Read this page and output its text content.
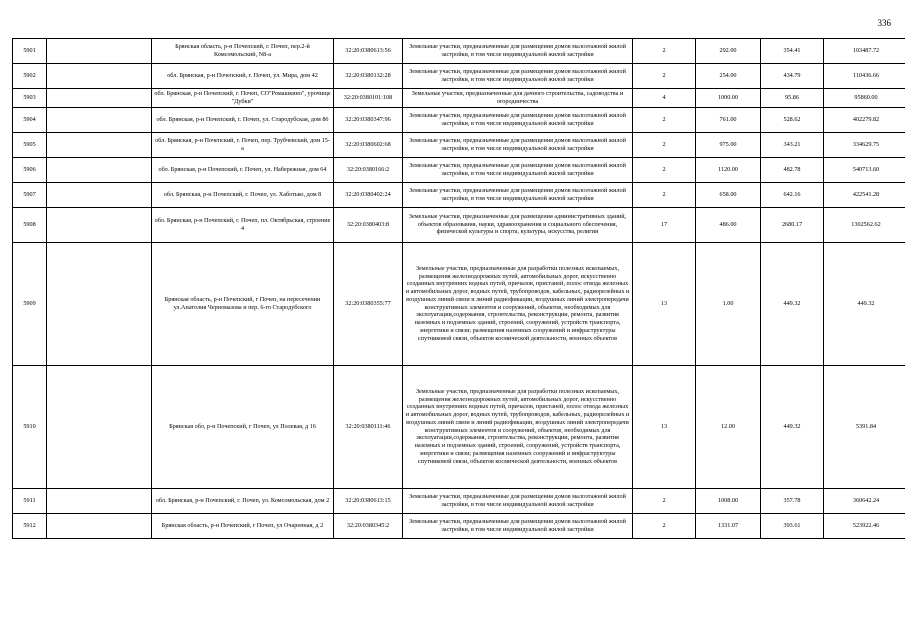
336
5901		Брянская область, р-н Почепский, г. Почеп, пер.2-й Комсомольский, N8-а	32:20:0380613:56	Земельные участки, предназначенные для размещения домов малоэтажной жилой застройки, в том числе индивидуальной жилой застройки	2	292.00	354.41	103487.72
5902		обл. Брянская, р-н Почепский, г. Почеп, ул. Мира, дом 42	32:20:0380132:28	Земельные участки, предназначенные для размещения домов малоэтажной жилой застройки, в том числе индивидуальной жилой застройки	2	254.00	434.79	110436.66
5903		обл. Брянская, р-н Почепский, г. Почеп, СО"Ромашкино", урочище "Дубки"	32:20:0380101:108	Земельные участки, предназначенные для дачного строительства, садоводства и огородничества	4	1000.00	95.86	95860.00
5904		обл. Брянская, р-н Почепский, г. Почеп, ул. Стародубская, дом 86	32:20:0380347:96	Земельные участки, предназначенные для размещения домов малоэтажной жилой застройки, в том числе индивидуальной жилой застройки	2	761.00	528.62	402279.82
5905		обл. Брянская, р-н Почепский, г. Почеп, пер. Трубчевский, дом 15-а	32:20:0380602:68	Земельные участки, предназначенные для размещения домов малоэтажной жилой застройки, в том числе индивидуальной жилой застройки	2	975.00	343.21	334629.75
5906		обл. Брянская, р-н Почепский, г. Почеп, ул. Набережная, дом 64	32:20:0380166:2	Земельные участки, предназначенные для размещения домов малоэтажной жилой застройки, в том числе индивидуальной жилой застройки	2	1120.00	482.78	540713.60
5907		обл. Брянская, р-н Почепский, г. Почеп, ул. Хаботько, дом 8	32:20:0380402:24	Земельные участки, предназначенные для размещения домов малоэтажной жилой застройки, в том числе индивидуальной жилой застройки	2	658.00	642.16	422541.28
5908		обл. Брянская, р-н Почепский, г. Почеп, пл. Октябрьская, строение 4	32:20:0380403:8	Земельные участки, предназначенные для размещения административных зданий, объектов образования, науки, здравоохранения и социального обеспечения, физической культуры и спорта, культуры, искусства, религии	17	486.00	2680.17	1302562.62
5909		Брянская область, р-н Почепский, г Почеп, на пересечении ул.Анатолия Черномазова и пер. 6-го Стародубского	32:20:0380355:77	Земельные участки, предназначенные для разработки полезных ископаемых, размещения железнодорожных путей, автомобильных дорог, искусственно созданных внутренних водных путей, причалов, пристаней, полос отвода железных и автомобильных дорог, водных путей, трубопроводов, кабельных, радиорелейных и воздушных линий связи и линий радиофикации, воздушных линий электропередачи конструктивных элементов и сооружений, объектов, необходимых для эксплуатации,содержания, строительства, реконструкции, ремонта, развития наземных и подземных зданий, строений, сооружений, устройств транспорта, энергетики и связи; размещения наземных сооружений и инфраструктуры спутниковой связи, объектов космической деятельности, военных объектов	13	1.00	449.32	449.32
5910		Брянская обл, р-н Почепский, г Почеп, ул Полевая, д 16	32:20:0380111:46	Земельные участки, предназначенные для разработки полезных ископаемых, размещения железнодорожных путей, автомобильных дорог, искусственно созданных внутренних водных путей, причалов, пристаней, полос отвода железных и автомобильных дорог, водных путей, трубопроводов, кабельных, радиорелейных и воздушных линий связи и линий радиофикации, воздушных линий электропередачи конструктивных элементов и сооружений, объектов, необходимых для эксплуатации,содержания, строительства, реконструкции, ремонта, развития наземных и подземных зданий, строений, сооружений, устройств транспорта, энергетики и связи; размещения наземных сооружений и инфраструктуры спутниковой связи, объектов космической деятельности, военных объектов	13	12.00	449.32	5391.84
5911		обл. Брянская, р-н Почепский, г. Почеп, ул. Комсомольская, дом 2	32:20:0380613:15	Земельные участки, предназначенные для размещения домов малоэтажной жилой застройки, в том числе индивидуальной жилой застройки	2	1008.00	357.78	360642.24
5912		Брянская область, р-н Почепский, г Почеп, ул Очаренная, д 2	32:20:0380345:2	Земельные участки, предназначенные для размещения домов малоэтажной жилой застройки, в том числе индивидуальной жилой застройки	2	1331.07	393.61	523922.46
